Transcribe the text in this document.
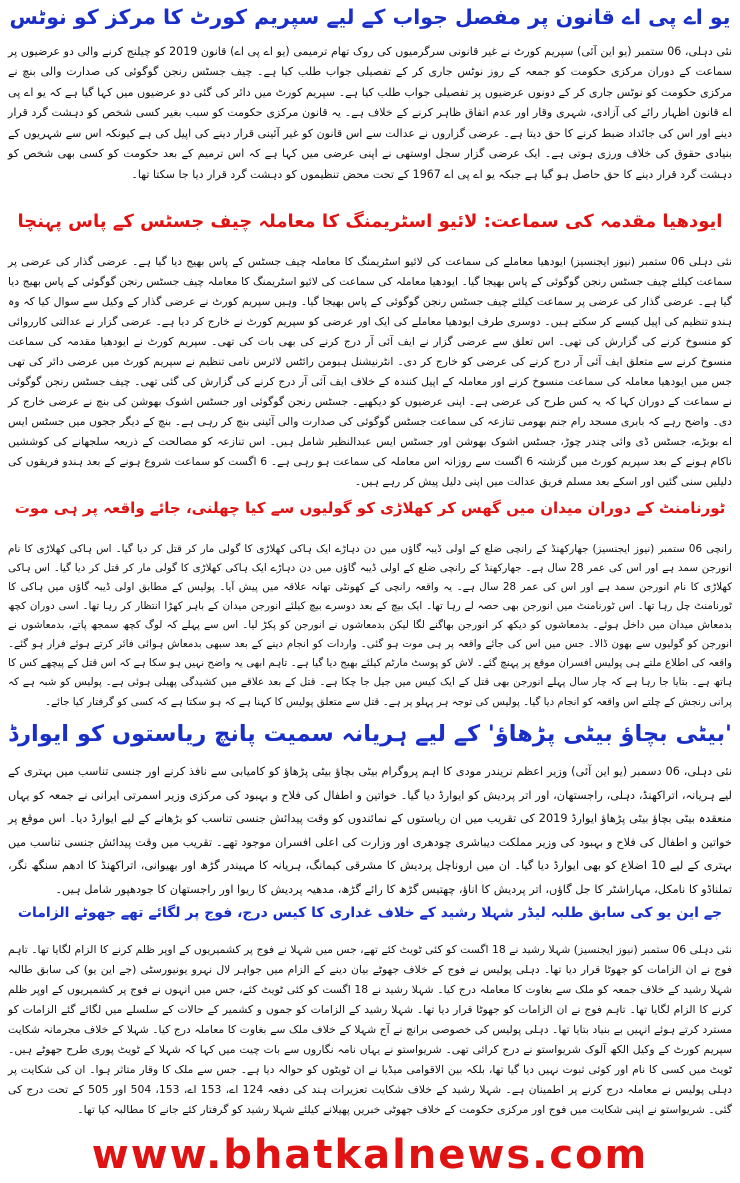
یو اے پی اے قانون پر مفصل جواب کے لیے سپریم کورٹ کا مرکز کو نوٹس

نئی دہلی، 06 ستمبر (یو این آئی) سپریم کورٹ نے غیر قانونی سرگرمیوں کی روک تھام ترمیمی (یو اے پی اے) قانون 2019 کو چیلنج کرنے والی دو عرضیوں پر سماعت کے دوران مرکزی حکومت کو جمعہ کے روز نوٹس جاری کر کے تفصیلی جواب طلب کیا ہے۔ چیف جسٹس رنجن گوگوئی کی صدارت والی بنچ نے مرکزی حکومت کو نوٹس جاری کر کے دونوں عرضیوں پر تفصیلی جواب طلب کیا ہے۔ سپریم کورٹ میں دائر کی گئی دو عرضیوں میں کہا گیا ہے کہ یو اے پی اے قانون اظہار رائے کی آزادی، شہری وقار اور عدم اتفاق ظاہر کرنے کے خلاف ہے۔ یہ قانون مرکزی حکومت کو سبب بغیر کسی شخص کو دہشت گرد قرار دینے اور اس کی جائداد ضبط کرنے کا حق دیتا ہے۔ عرضی گزاروں نے عدالت سے اس قانون کو غیر آئینی قرار دینے کی اپیل کی ہے کیونکہ اس سے شہریوں کے بنیادی حقوق کی خلاف ورزی ہوتی ہے۔ ایک عرضی گزار سجل اوستھی نے اپنی عرضی میں کہا ہے کہ اس ترمیم کے بعد حکومت کو کسی بھی شخص کو دہشت گرد قرار دینے کا حق حاصل ہو گیا ہے جبکہ یو اے پی اے 1967 کے تحت محض تنظیموں کو دہشت گرد قرار دیا جا سکتا تھا۔

ایودھیا مقدمہ کی سماعت: لائیو اسٹریمنگ کا معاملہ چیف جسٹس کے پاس پہنچا

نئی دہلی 06 ستمبر (نیوز ایجنسیز) ایودھیا معاملے کی سماعت کی لائیو اسٹریمنگ کا معاملہ چیف جسٹس کے پاس بھیج دیا گیا ہے۔ عرضی گذار کی عرضی پر سماعت کیلئے چیف جسٹس رنجن گوگوئی کے پاس بھیجا گیا۔ ایودھیا معاملہ کی سماعت کی لائیو اسٹریمنگ کا معاملہ چیف جسٹس رنجن گوگوئی کے پاس بھیج دیا گیا ہے۔ عرضی گذار کی عرضی پر سماعت کیلئے چیف جسٹس رنجن گوگوئی کے پاس بھیجا گیا۔ وہیں سپریم کورٹ نے عرضی گذار کے وکیل سے سوال کیا کہ وہ ہندو تنظیم کی اپیل کیسے کر سکتے ہیں۔ دوسری طرف ایودھیا معاملے کی ایک اور عرضی کو سپریم کورٹ نے خارج کر دیا ہے۔ عرضی گزار نے عدالتی کارروائی کو منسوخ کرنے کی گزارش کی تھی۔ اس تعلق سے عرضی گزار نے ایف آئی آر درج کرنے کی بھی بات کی تھی۔ سپریم کورٹ نے ایودھیا مقدمہ کی سماعت منسوخ کرنے سے متعلق ایف آئی آر درج کرنے کی عرضی کو خارج کر دی۔ انٹرنیشنل ہیومن رائٹس لائرس نامی تنظیم نے سپریم کورٹ میں عرضی دائر کی تھی جس میں ایودھیا معاملہ کی سماعت منسوخ کرنے اور معاملہ کے اپیل کنندہ کے خلاف ایف آئی آر درج کرنے کی گزارش کی گئی تھی۔ چیف جسٹس رنجن گوگوئی نے سماعت کے دوران کہا کہ یہ کس طرح کی عرضی ہے۔ اپنی عرضیوں کو دیکھیے۔ جسٹس رنجن گوگوئی اور جسٹس اشوک بھوشن کی بنچ نے عرضی خارج کر دی۔ واضح رہے کہ بابری مسجد رام جنم بھومی تنازعہ کی سماعت جسٹس گوگوئی کی صدارت والی آئینی بنچ کر رہی ہے۔ بنچ کے دیگر ججوں میں جسٹس ایس اے بوبڑے، جسٹس ڈی وائی چندر چوڑ، جسٹس اشوک بھوشن اور جسٹس ایس عبدالنظیر شامل ہیں۔ اس تنازعہ کو مصالحت کے ذریعہ سلجھانے کی کوششیں ناکام ہونے کے بعد سپریم کورٹ میں گزشتہ 6 اگست سے روزانہ اس معاملہ کی سماعت ہو رہی ہے۔ 6 اگست کو سماعت شروع ہونے کے بعد ہندو فریقوں کی دلیلیں سنی گئیں اور اسکے بعد مسلم فریق عدالت میں اپنی دلیل پیش کر رہے ہیں۔

ٹورنامنٹ کے دوران میدان میں گھس کر کھلاڑی کو گولیوں سے کیا چھلنی، جائے واقعہ پر ہی موت

رانچی 06 ستمبر (نیوز ایجنسیز) جھارکھنڈ کے رانچی ضلع کے اولی ڈیبہ گاؤں میں دن دہاڑے ایک ہاکی کھلاڑی کا گولی مار کر قتل کر دیا گیا۔ اس ہاکی کھلاڑی کا نام انورجن سمد ہے اور اس کی عمر 28 سال ہے۔ جھارکھنڈ کے رانچی ضلع کے اولی ڈیبہ گاؤں میں دن دہاڑے ایک ہاکی کھلاڑی کا گولی مار کر قتل کر دیا گیا۔ اس ہاکی کھلاڑی کا نام انورجن سمد ہے اور اس کی عمر 28 سال ہے۔ یہ واقعہ رانچی کے کھونٹی تھانہ علاقہ میں پیش آیا۔ پولیس کے مطابق اولی ڈیبہ گاؤں میں ہاکی کا ٹورنامنٹ چل رہا تھا۔ اس ٹورنامنٹ میں انورجن بھی حصہ لے رہا تھا۔ ایک بیچ کے بعد دوسرے بیچ کیلئے انورجن میدان کے باہر کھڑا انتظار کر رہا تھا۔ اسی دوران کچھ بدمعاش میدان میں داخل ہوئے۔ بدمعاشوں کو دیکھ کر انورجن بھاگنے لگا لیکن بدمعاشوں نے انورجن کو پکڑ لیا۔ اس سے پہلے کہ لوگ کچھ سمجھ پاتے، بدمعاشوں نے انورجن کو گولیوں سے بھون ڈالا۔ جس میں اس کی جائے واقعہ پر ہی موت ہو گئی۔ واردات کو انجام دینے کے بعد سبھی بدمعاش ہوائی فائر کرتے ہوئے فرار ہو گئے۔ واقعہ کی اطلاع ملتے ہی پولیس افسران موقع پر پہنچ گئے۔ لاش کو پوسٹ مارٹم کیلئے بھیج دیا گیا ہے۔ تاہم ابھی یہ واضح نہیں ہو سکا ہے کہ اس قتل کے پیچھے کس کا ہاتھ ہے۔ بتایا جا رہا ہے کہ چار سال پہلے انورجن بھی قتل کے ایک کیس میں جیل جا چکا ہے۔ قتل کے بعد علاقے میں کشیدگی پھیلی ہوئی ہے۔ پولیس کو شبہ ہے کہ پرانی رنجش کے چلتے اس واقعہ کو انجام دیا گیا۔ پولیس کی توجہ ہر پہلو پر ہے۔ قتل سے متعلق پولیس کا کہنا ہے کہ ہو سکتا ہے کہ کسی کو گرفتار کیا جائے۔

'بیٹی بچاؤ بیٹی پڑھاؤ' کے لیے ہریانہ سمیت پانچ ریاستوں کو ایوارڈ

نئی دہلی، 06 دسمبر (یو این آئی) وزیر اعظم نریندر مودی کا اہم پروگرام بیٹی بچاؤ بیٹی پڑھاؤ کو کامیابی سے نافذ کرنے اور جنسی تناسب میں بہتری کے لیے ہریانہ، اتراکھنڈ، دہلی، راجستھان، اور اتر پردیش کو ایوارڈ دیا گیا۔ خواتین و اطفال کی فلاح و بہبود کی مرکزی وزیر اسمرتی ایرانی نے جمعہ کو یہاں منعقدہ بیٹی بچاؤ بیٹی پڑھاؤ ایوارڈ 2019 کی تقریب میں ان ریاستوں کے نمائندوں کو وقت پیدائش جنسی تناسب کو بڑھانے کے لیے ایوارڈ دیا۔ اس موقع پر خواتین و اطفال کی فلاح و بہبود کی وزیر مملکت دیباشری چودھری اور وزارت کی اعلی افسران موجود تھے۔ تقریب میں وقت پیدائش جنسی تناسب میں بہتری کے لیے 10 اضلاع کو بھی ایوارڈ دیا گیا۔ ان میں اروناچل پردیش کا مشرقی کیمانگ، ہریانہ کا مہیندر گڑھ اور بھیوانی، اتراکھنڈ کا ادھم سنگھ نگر، تملناڈو کا نامکل، مہاراشٹر کا جل گاؤں، اتر پردیش کا اناؤ، چھتیس گڑھ کا رائے گڑھ، مدھیہ پردیش کا ریوا اور راجستھان کا جودھپور شامل ہیں۔

جے این یو کی سابق طلبہ لیڈر شہلا رشید کے خلاف غداری کا کیس درج، فوج پر لگائے تھے جھوٹے الزامات

نئی دہلی 06 ستمبر (نیوز ایجنسیز) شہلا رشید نے 18 اگست کو کئی ٹویٹ کئے تھے، جس میں شہلا نے فوج پر کشمیریوں کے اوپر ظلم کرنے کا الزام لگایا تھا۔ تاہم فوج نے ان الزامات کو جھوٹا قرار دیا تھا۔ دہلی پولیس نے فوج کے خلاف جھوٹے بیان دینے کے الزام میں جواہر لال نہرو یونیورسٹی (جے این یو) کی سابق طالبہ شہلا رشید کے خلاف جمعہ کو ملک سے بغاوت کا معاملہ درج کیا۔ شہلا رشید نے 18 اگست کو کئی ٹویٹ کئے، جس میں انہوں نے فوج پر کشمیریوں کے اوپر ظلم کرنے کا الزام لگایا تھا۔ تاہم فوج نے ان الزامات کو جھوٹا قرار دیا تھا۔ شہلا رشید کے الزامات کو جموں و کشمیر کے حالات کے سلسلے میں لگائے گئے الزامات کو مسترد کرتے ہوئے انہیں بے بنیاد بتایا تھا۔ دہلی پولیس کی خصوصی برانچ نے آج شہلا کے خلاف ملک سے بغاوت کا معاملہ درج کیا۔ شہلا کے خلاف مجرمانہ شکایت سپریم کورٹ کے وکیل الکھ آلوک شریواستو نے درج کرائی تھی۔ شریواستو نے یہاں نامہ نگاروں سے بات چیت میں کہا کہ شہلا کے ٹویٹ پوری طرح جھوٹے ہیں۔ ٹویٹ میں کسی کا نام اور کوئی ثبوت نہیں دیا گیا تھا، بلکہ بین الاقوامی میڈیا نے ان ٹویٹوں کو حوالہ دیا ہے۔ جس سے ملک کا وقار متاثر ہوا۔ ان کی شکایت پر دہلی پولیس نے معاملہ درج کرنے پر اطمینان ہے۔ شہلا رشید کے خلاف شکایت تعزیرات ہند کی دفعہ 124 اے، 153 اے، 153، 504 اور 505 کے تحت درج کی گئی۔ شریواستو نے اپنی شکایت میں فوج اور مرکزی حکومت کے خلاف جھوٹی خبریں پھیلانے کیلئے شہلا رشید کو گرفتار کئے جانے کا مطالبہ کیا تھا۔

www.bhatkalnews.com
